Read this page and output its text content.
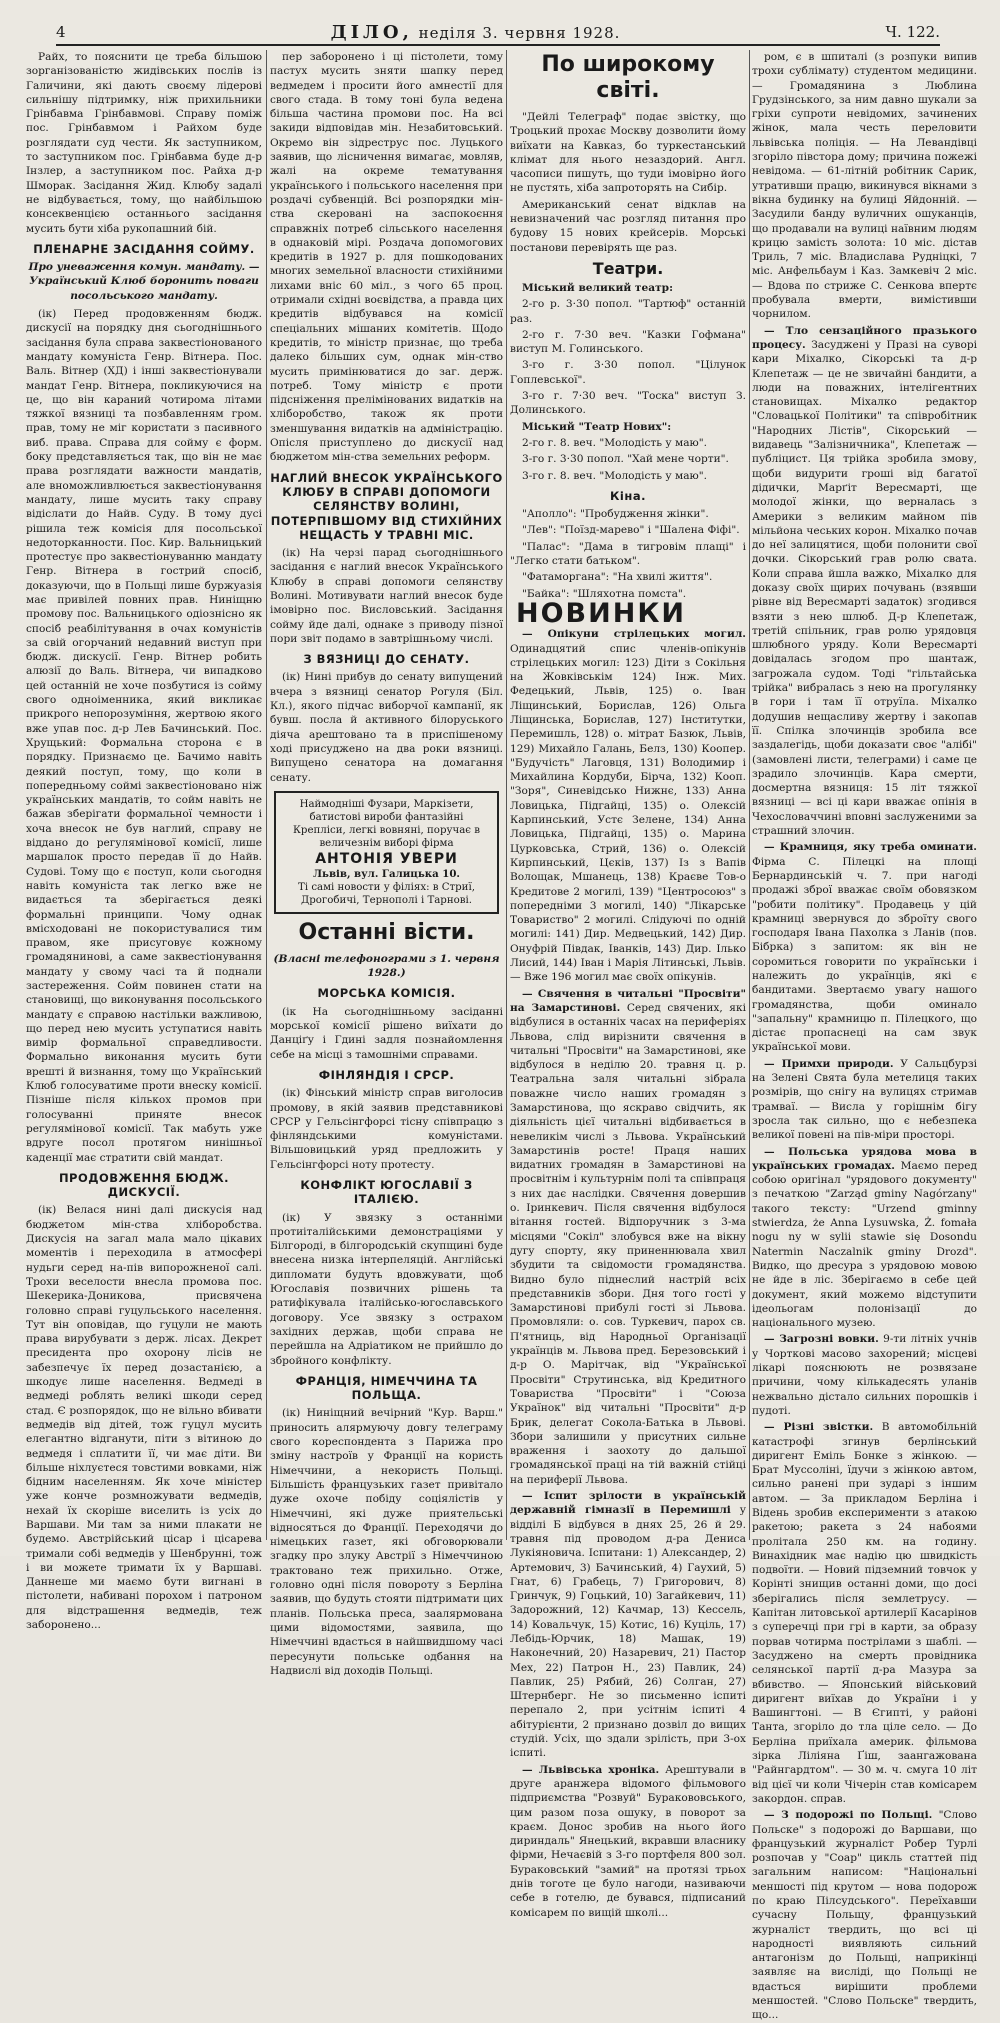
4	ДІЛО, неділя 3. червня 1928.	Ч. 122.

Райх, то пояснити це треба більшою зорганізованістю жидівських послів із Галичини, які дають своєму лідерові сильнішу підтримку, ніж прихильники Грінбавма Грінбавмові. Справу поміж пос. Грінбавмом і Райхом буде розглядати суд чести. Як заступником, то заступником пос. Грінбавма буде д-р Інзлер, а заступником пос. Райха д-р Шморак. Засідання Жид. Клюбу задалі не відбувається, тому, що найбільшою консеквенцією останнього засідання мусить бути хіба рукопашний бій.

ПЛЕНАРНЕ ЗАСІДАННЯ СОЙМУ.
Про уневаження комун. мандату. — Український Клюб боронить поваги посольського мандату.

(ік) Перед продовженням бюдж. дискусії на порядку дня сьогоднішнього засідання була справа заквестіонованого мандату комуніста Генр. Вітнера. Пос. Валь. Вітнер (ХД) і інші заквестіонували мандат Генр. Вітнера, покликуючися на це, що він караний чотирома літами тяжкої вязниці та позбавленням гром. прав, тому не міг користати з пасивного виб. права. Справа для сойму є форм. боку представляється так, що він не має права розглядати важности мандатів, але вноможливлюється заквестіонування мандату, лише мусить таку справу відіслати до Найв. Суду. В тому дусі рішила теж комісія для посольської недоторканности. Пос. Кир. Вальницький протестує про заквестіонуванню мандату Генр. Вітнера в гострий спосіб, доказуючи, що в Польщі лише буржуазія має привілей повних прав. Ниніщню промову пос. Вальницького одіознісно як спосіб реабілітування в очах комуністів за свій огорчаний недавний виступ при бюдж. дискусії. Генр. Вітнер робить алюзії до Валь. Вітнера, чи випадково цей останній не хоче позбутися із сойму свого одноіменника, який викликає прикрого непорозуміння, жертвою якого вже упав пос. д-р Лев Бачинський. Пос. Хрущький: Формальна сторона є в порядку. Признаємо це. Бачимо навіть деякий поступ, тому, що коли в попередньому соймі заквестіоновано ніж українських мандатів, то сойм навіть не бажав зберігати формальної чемности і хоча внесок не був наглий, справу не віддано до регулямінової комісії, лише маршалок просто передав її до Найв. Судові. Тому що є поступ, коли сьогодня навіть комуніста так легко вже не видається та зберігається деякі формальні принципи. Чому однак вмісходовані не покористувалися тим правом, яке присуговує кожному громадянинові, а саме заквестіонування мандату у свому часі та й поднали застереження. Сойм повинен стати на становищі, що виконування посольського мандату є справою настільки важливою, що перед нею мусить уступатися навіть вимір формальної справедливости. Формально виконання мусить бути врешті й визнання, тому що Український Клюб голосуватиме проти внеску комісії. Пізніше після кількох промов при голосуванні приняте внесок регулямінової комісії. Так мабуть уже вдруге посол протягом нинішньої каденції має стратити свій мандат.

ПРОДОВЖЕННЯ БЮДЖ. ДИСКУСІЇ.

(ік) Велася нині далі дискусія над бюджетом мін-ства хліборобства. Дискусія на загал мала мало цікавих моментів і переходила в атмосфері нудьги серед на-пів випорожненої салі. Трохи веселости внесла промова пос. Шекерика-Доникова, присвячена головно справі гуцульського населення. Тут він оповідав, що гуцули не мають права вирубувати з держ. лісах. Декрет пресидента про охорону лісів не забезпечує їх перед дозастанією, а шкодує лише населення. Ведмеді в ведмеді роблять великі шкоди серед стад. Є розпорядок, що не вільно вбивати ведмедів від дітей, тож гуцул мусить елегантно відганути, піти з вітиною до ведмедя і сплатити її, чи має діти. Ви більше ніхлуєтеся товстими вовками, ніж бідним населенням. Як хоче міністер уже конче розмножувати ведмедів, нехай їх скоріше виселить із усіх до Варшави. Ми там за ними плакати не будемо. Австрійський цісар і цісарева тримали собі ведмедів у Шенбрунні, тож і ви можете тримати їх у Варшаві. Даннеше ми маємо бути вигнані в пістолети, набивані порохом і патроном для відстрашення ведмедів, теж заборонено...

пер заборонено і ці пістолети, тому пастух мусить зняти шапку перед ведмедем і просити його амнестії для свого стада. В тому тоні була ведена більша частина промови пос. На всі закиди відповідав мін. Незабитовський. Окремо він зідреструс пос. Луцького заявив, що лісничення вимагає, мовляв, жалі на окреме тематування українського і польського населення при роздачі субвенцій. Всі розпорядки мін-ства скеровані на заспокоєння справжніх потреб сільського населення в однаковій мірі. Роздача допомогових кредитів в 1927 р. для пошкодованих многих земельної власности стихійними лихами вніс 60 міл., з чого 65 проц. отримали східні воєвідства, а правда цих кредитів відбувався на комісії спеціальних мішаних комітетів. Щодо кредитів, то міністр признає, що треба далеко більших сум, однак мін-ство мусить примінюватися до заг. держ. потреб. Тому міністр є проти підсніження прелімінованих видатків на хліборобство, також як проти зменшування видатків на адміністрацію. Опісля приступлено до дискусії над бюджетом мін-ства земельних реформ.

НАГЛИЙ ВНЕСОК УКРАЇНСЬКОГО КЛЮБУ В СПРАВІ ДОПОМОГИ СЕЛЯНСТВУ ВОЛИНІ, ПОТЕРПІВШОМУ ВІД СТИХІЙНИХ НЕЩАСТЬ У ТРАВНІ МІС.

(ік) На черзі парад сьогоднішнього засідання є наглий внесок Українського Клюбу в справі допомоги селянству Волині. Мотивувати наглий внесок буде імовірно пос. Висловський. Засідання сойму йде далі, однаке з приводу пізної пори звіт подамо в завтрішньому числі.

З ВЯЗНИЦІ ДО СЕНАТУ.

(ік) Нині прибув до сенату випущений вчера з вязниці сенатор Рогуля (Біл. Кл.), якого підчас виборчої кампанії, як бувш. посла й активного білоруського діяча арештовано та в приспішеному ході присуджено на два роки вязниці. Випущено сенатора на домагання сенату.

Наймодніші Фузари, Маркізети, батистові вироби фантазійні Крепліси, легкі вовняні, поручає в величезнім виборі фірма
АНТОНІЯ УВЕРИ
Львів, вул. Галицька 10.
Ті самі новости у філіях: в Стриї, Дрогобичі, Тернополі і Тарнові.
Останні вісти.
(Власні телефонограми з 1. червня 1928.)
МОРСЬКА КОМІСІЯ.

(ік На сьогоднішньому засіданні морської комісії рішено виїхати до Данціґу і Гдині задля познайомлення себе на місці з тамошніми справами.

ФІНЛЯНДІЯ І СРСР.

(ік) Фінський міністр справ виголосив промову, в якій заявив представникові СРСР у Гельсінгфорсі тісну співпрацю з фінляндськими комуністами. Вільшовицький уряд предложить у Гельсінгфорсі ноту протесту.

КОНФЛІКТ ЮГОСЛАВІЇ З ІТАЛІЄЮ.

(ік) У звязку з останніми протиіталійськими демонстраціями у Білгороді, в білгородській скупщині буде внесена низка інтерпеляцій. Англійські дипломати будуть вдовжувати, щоб Югославія позвичних рішень та ратифікувала італійсько-югославського договору. Усе звязку з острахом західних держав, щоби справа не перейшла на Адріатиком не прийшло до збройного конфлікту.

ФРАНЦІЯ, НІМЕЧЧИНА ТА ПОЛЬЩА.

(ік) Ниніщний вечірний "Кур. Варш." приносить алярмуючу довгу телеграму свого кореспондента з Парижа про зміну настроїв у Франції на користь Німеччини, а некористь Польщі. Більшість французьких газет привітало дуже охоче побіду соціялістів у Німеччині, які дуже приятельські відносяться до Франції. Переходячи до німецьких газет, які обговорювали згадку про злуку Австрії з Німеччиною трактовано теж прихильно. Отже, головно одні після повороту з Берліна заявив, що будуть стояти підтримати цих планів. Польська преса, заалярмована цими відомостями, заявила, що Німеччині вдасться в найшвидшому часі пересунути польське одбання на Надвислі від доходів Польщі.

По широкому світі.

"Дейлі Телеграф" подає звістку, що Троцький прохає Москву дозволити йому виїхати на Кавказ, бо туркестанський клімат для нього незаздорий. Англ. часописи пишуть, що туди імовірно його не пустять, хіба запроторять на Сибір.

Американський сенат відклав на невизначений час розгляд питання про будову 15 нових крейсерів. Морські постанови перевірять ще раз.

Театри.

Міський великий театр:

2-го р. 3·30 попол. "Тартюф" останній раз.

2-го г. 7·30 веч. "Казки Гофмана" виступ М. Голинського.

3-го г. 3·30 попол. "Цілунок Гоплевської".

3-го г. 7·30 веч. "Тоска" виступ З. Долинського.

Міський "Театр Нових":

2-го г. 8. веч. "Молодість у маю".

3-го г. 3·30 попол. "Хай мене чорти".

3-го г. 8. веч. "Молодість у маю".

Кіна.

"Аполло": "Пробудження жінки".

"Лев": "Поїзд-марево" і "Шалена Фіфі".

"Палас": "Дама в тигровім плащі" і "Легко стати батьком".

"Фатаморгана": "На хвилі життя".

"Байка": "Шляхотна помста".

НОВИНКИ

— Опікуни стрілецьких могил. Одинадцятий спис членів-опікунів стрілецьких могил: 123) Діти з Сокільня на Жовківськім 124) Інж. Мих. Федецький, Львів, 125) о. Іван Ліщинський, Борислав, 126) Ольга Ліщинська, Борислав, 127) Інститутки, Перемишль, 128) о. мітрат Базюк, Львів, 129) Михайло Галань, Белз, 130) Коопер. "Будучість" Лаговця, 131) Володимир і Михайлина Кордуби, Бірча, 132) Кооп. "Зоря", Синевідсько Нижнє, 133) Анна Ловицька, Підгайці, 135) о. Олексій Карпинський, Устє Зелене, 134) Анна Ловицька, Підгайці, 135) о. Марина Цурковська, Стрий, 136) о. Олексій Кирпинський, Цєків, 137) Із з Вапів Волощак, Мшанець, 138) Краєве Тов-о Кредитове 2 могилі, 139) "Центросоюз" з попередніми 3 могилі, 140) "Лікарське Товариство" 2 могилі. Слідуючі по одній могилі: 141) Дир. Медвецький, 142) Дир. Онуфрій Півдак, Іванків, 143) Дир. Ілько Лисий, 144) Іван і Марія Літинські, Львів. — Вже 196 могил має своїх опікунів.

— Свячення в читальні "Просвіти" на Замарстинові. Серед свячених, які відбулися в останніх часах на периферіях Львова, слід вирізнити свячення в читальні "Просвіти" на Замарстинові, яке відбулося в неділю 20. травня ц. р. Театральна заля читальні зібрала поважне число наших громадян з Замарстинова, що яскраво свідчить, як діяльність цієї читальні відбивається в невеликім числі з Львова. Український Замарстинів росте! Праця наших видатних громадян в Замарстинові на просвітнім і культурнім полі та співпраця з них дає наслідки. Свячення довершив о. Іринкевич. Після свячення відбулося вітання гостей. Відпоручник з 3-ма місцями "Сокіл" злобувся вже на вікну дугу спорту, яку приненнювала хвил збудити та свідомости громадянства. Видно було піднеслий настрій всіх представників збори. Дня того гості у Замарстинові прибулі гості зі Львова. Промовляли: о. сов. Туркевич, парох св. П'ятниць, від Народньої Організації українців м. Львова пред. Березовський і д-р О. Марітчак, від "Української Просвіти" Струтинська, від Кредитного Товариства "Просвіти" і "Союза Українок" від читальні "Просвіти" д-р Брик, делегат Сокола-Батька в Львові. Збори залишили у присутних сильне враження і заохоту до дальшої громадянської праці на тій важній стійці на периферії Львова.

— Іспит зрілости в українській державній гімназії в Перемишлі у відділі Б відбувся в днях 25, 26 й 29. травня під проводом д-ра Дениса Лукіяновича. Іспитани: 1) Александер, 2) Артемович, 3) Бачинський, 4) Гаухий, 5) Гнат, 6) Грабець, 7) Григорович, 8) Гринчук, 9) Гоцький, 10) Загайкевич, 11) Задорожний, 12) Качмар, 13) Кессель, 14) Ковальчук, 15) Котис, 16) Куціль, 17) Лебідь-Юрчик, 18) Машак, 19) Наконечний, 20) Назаревич, 21) Пастор Мех, 22) Патрон Н., 23) Павлик, 24) Павлик, 25) Рябий, 26) Солган, 27) Штернберг. Не зо письменно іспиті перепало 2, при усітнім іспиті 4 абітурієнти, 2 признано дозвіл до вищих студій. Усіх, що здали зрілість, при 3-ох іспиті.

— Львівська хроніка. Арештували в друге аранжера відомого фільмового підприємства "Розвуй" Буракововського, цим разом поза ошуку, в поворот за краєм. Донос зробив на нього його дириндаль" Янецький, вкравши власнику фірми, Нечаєвій з 3-го портфеля 800 зол. Бураковський "замий" на протязі трьох днів тоготе це було нагоди, називаючи себе в готелю, де бувався, підписаний комісарем по вищій школі...

ром, є в шпиталі (з розпуки випив трохи сублімату) студентом медицини. — Громадянина з Люблина Грудзінського, за ним давно шукали за гріхи супроти невідомих, зачинених жінок, мала честь переловити львівська поліція. — На Левандівці згоріло півстора дому; причина пожежі невідома. — 61-літній робітник Сарик, утративши працю, викинувся вікнами з вікна будинку на булиці Яйдонній. — Засудили банду вуличних ошуканців, що продавали на вулиці наївним людям крицю замість золота: 10 міс. дістав Триль, 7 міс. Владислава Рудніцкі, 7 міс. Анфельбаум і Каз. Замкевіч 2 міс. — Вдова по стриже С. Сенкова впертє пробувала вмерти, вимістивши чорнилом.

— Тло сензаційного празького процесу. Засуджені у Празі на суворі кари Міхалко, Сікорські та д-р Клепетаж — це не звичайні бандити, а люди на поважних, інтелігентних становищах. Міхалко редактор "Словацької Політики" та співробітник "Народних Лістів", Сікорський — видавець "Залізничника", Клепетаж — публіцист. Ця трійка зробила змову, щоби видурити гроші від багатої дідички, Марґіт Вересмарті, ще молодої жінки, що верналась з Америки з великим майном пів мільйона чеських корон. Міхалко почав до неї залицятися, щоби полонити свої дочки. Сікорський грав ролю свата. Коли справа йшла важко, Міхалко для доказу своїх щирих почувань (взявши рівне від Вересмарті задаток) згодився взяти з нею шлюб. Д-р Клепетаж, третій спільник, грав ролю урядовця шлюбного уряду. Коли Вересмарті довідалась згодом про шантаж, загрожала судом. Тоді "гільтайська трійка" вибралась з нею на прогулянку в гори і там її отруїла. Міхалко додушив нещасливу жертву і закопав її. Спілка злочинців зробила все заздалегідь, щоби доказати своє "алібі" (замовлені листи, телеграми) і саме це зрадило злочинців. Кара смерти, досмертна вязниця: 15 літ тяжкої вязниці — всі ці кари вважає опінія в Чехословаччині вповні заслуженими за страшний злочин.

— Крамниця, яку треба оминати. Фірма С. Пілецкі на площі Бернардинській ч. 7. при нагоді продажі зброї вважає своїм обовязком "робити політику". Продавець у цій крамниці звернувся до зброїту свого господаря Івана Пахолка з Ланів (пов. Бібрка) з запитом: як він не соромиться говорити по українськи і належить до українців, які є бандитами. Звертаємо увагу нашого громадянства, щоби оминало "запальну" крамницю п. Пілецкого, що дістає пропаснеці на сам звук української мови.

— Примхи природи. У Сальцбурзі на Зелені Свята була метелиця таких розмірів, що снігу на вулицях стримав трамваї. — Висла у горішнім бігу зросла так сильно, що є небезпека великої повені на пів-міри просторі.

— Польська урядова мова в українських громадах. Маємо перед собою оригінал "урядового документу" з печаткою "Zarząd gminy Nagórzany" такого тексту: "Urzend gminny stwierdza, że Anna Lysuwska, Ż. fomała nogu ny w sylii stawie się Dosondu Natermin Naczalnik gminy Drozd". Видко, що дресура з урядовою мовою не йде в ліс. Зберігаємо в себе цей документ, який можемо відступити ідеольогам полонізації до національного музею.

— Загрозні вовки. 9-ти літніх учнів у Чорткові масово захорений; місцеві лікарі пояснюють не розвязане причини, чому кількадесять уланів нежвально дістало сильних порошків і пудоті.

— Різні звістки. В автомобільній катастрофі згинув берлінський диригент Еміль Бонке з жінкою. — Брат Муссоліні, їдучи з жінкою автом, сильно ранені при зударі з іншим автом. — За прикладом Берліна і Відень зробив експерименти з атакою ракетою; ракета з 24 набоями пролітала 250 км. на годину. Винахідник має надію цю швидкість подвоїти. — Новий підземний товчок у Корінті знищив останні доми, що досі зберігались після землетрусу. — Капітан литовської артилерії Касарінов з суперечці при грі в карти, за образу порвав чотирма пострілами з шаблі. — Засуджено на смерть провідника селянської партії д-ра Мазура за вбивство. — Японський військовий диригент виїхав до України і у Вашингтоні. — В Єгипті, у районі Танта, згоріло до тла ціле село. — До Берліна приїхала америк. фільмова зірка Ліліяна Ґіш, заангажована "Райнгардтом". — 30 м. ч. смуга 10 літ від цієї чи коли Чічерін став комісарем закордон. справ.

— З подорожі по Польщі. "Слово Польске" з подорожі до Варшави, що французький журналіст Робер Турлі розпочав у "Соар" цикль статтей під загальним написом: "Національні меншості під крутом — нова подорож по краю Пілсудського". Переїхавши сучасну Польщу, французький журналіст твердить, що всі ці народності виявляють сильний антагонізм до Польщі, наприкінці заявляє на висліді, що Польщі не вдасться вирішити проблеми меншостей. "Слово Польске" твердить, що...
